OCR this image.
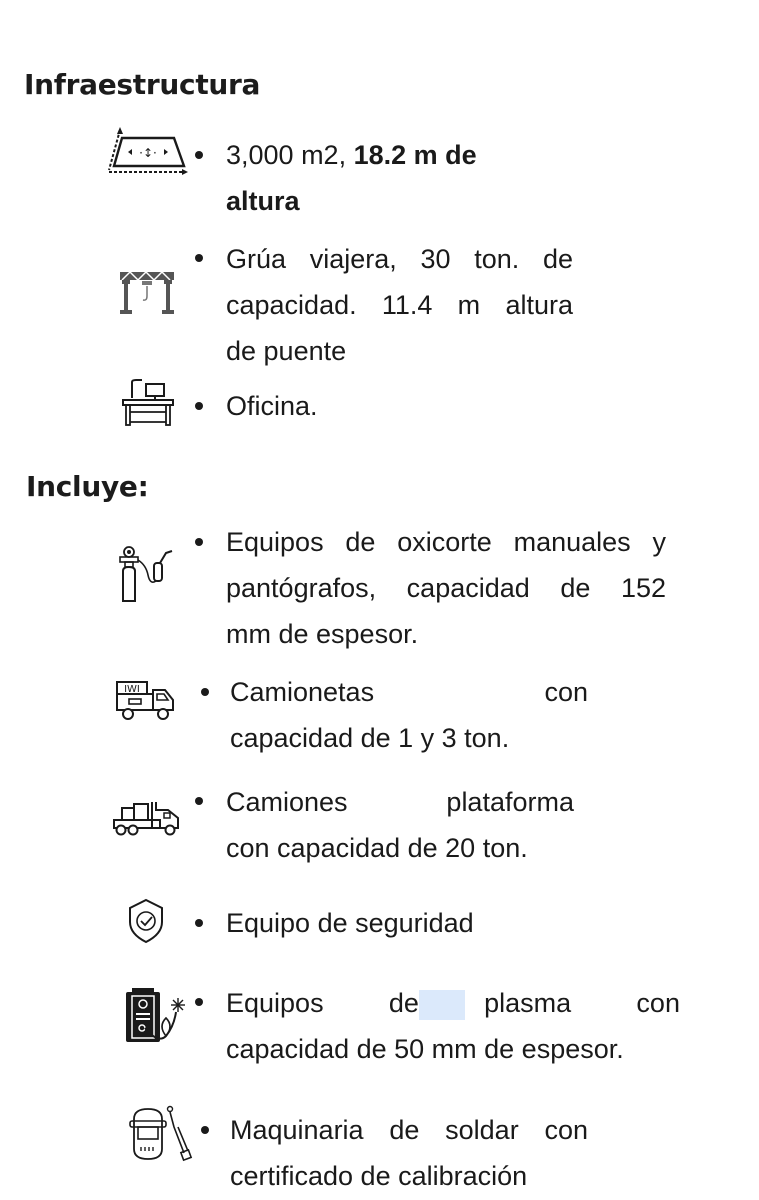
Infraestructura
·↕·	3,000 m2, 18.2 m de
altura
Grúa viajera, 30 ton. de
capacidad. 11.4 m altura
de puente
Oficina.
Incluye:
Equipos de oxicorte manuales y
pantógrafos, capacidad de 152
mm de espesor.
IWI	Camionetas	con
capacidad de 1 y 3 ton.
Camiones	plataforma
con capacidad de 20 ton.
Equipo de seguridad
Equipos de plasma con
capacidad de 50 mm de espesor.
Maquinaria de soldar con
certificado de calibración
